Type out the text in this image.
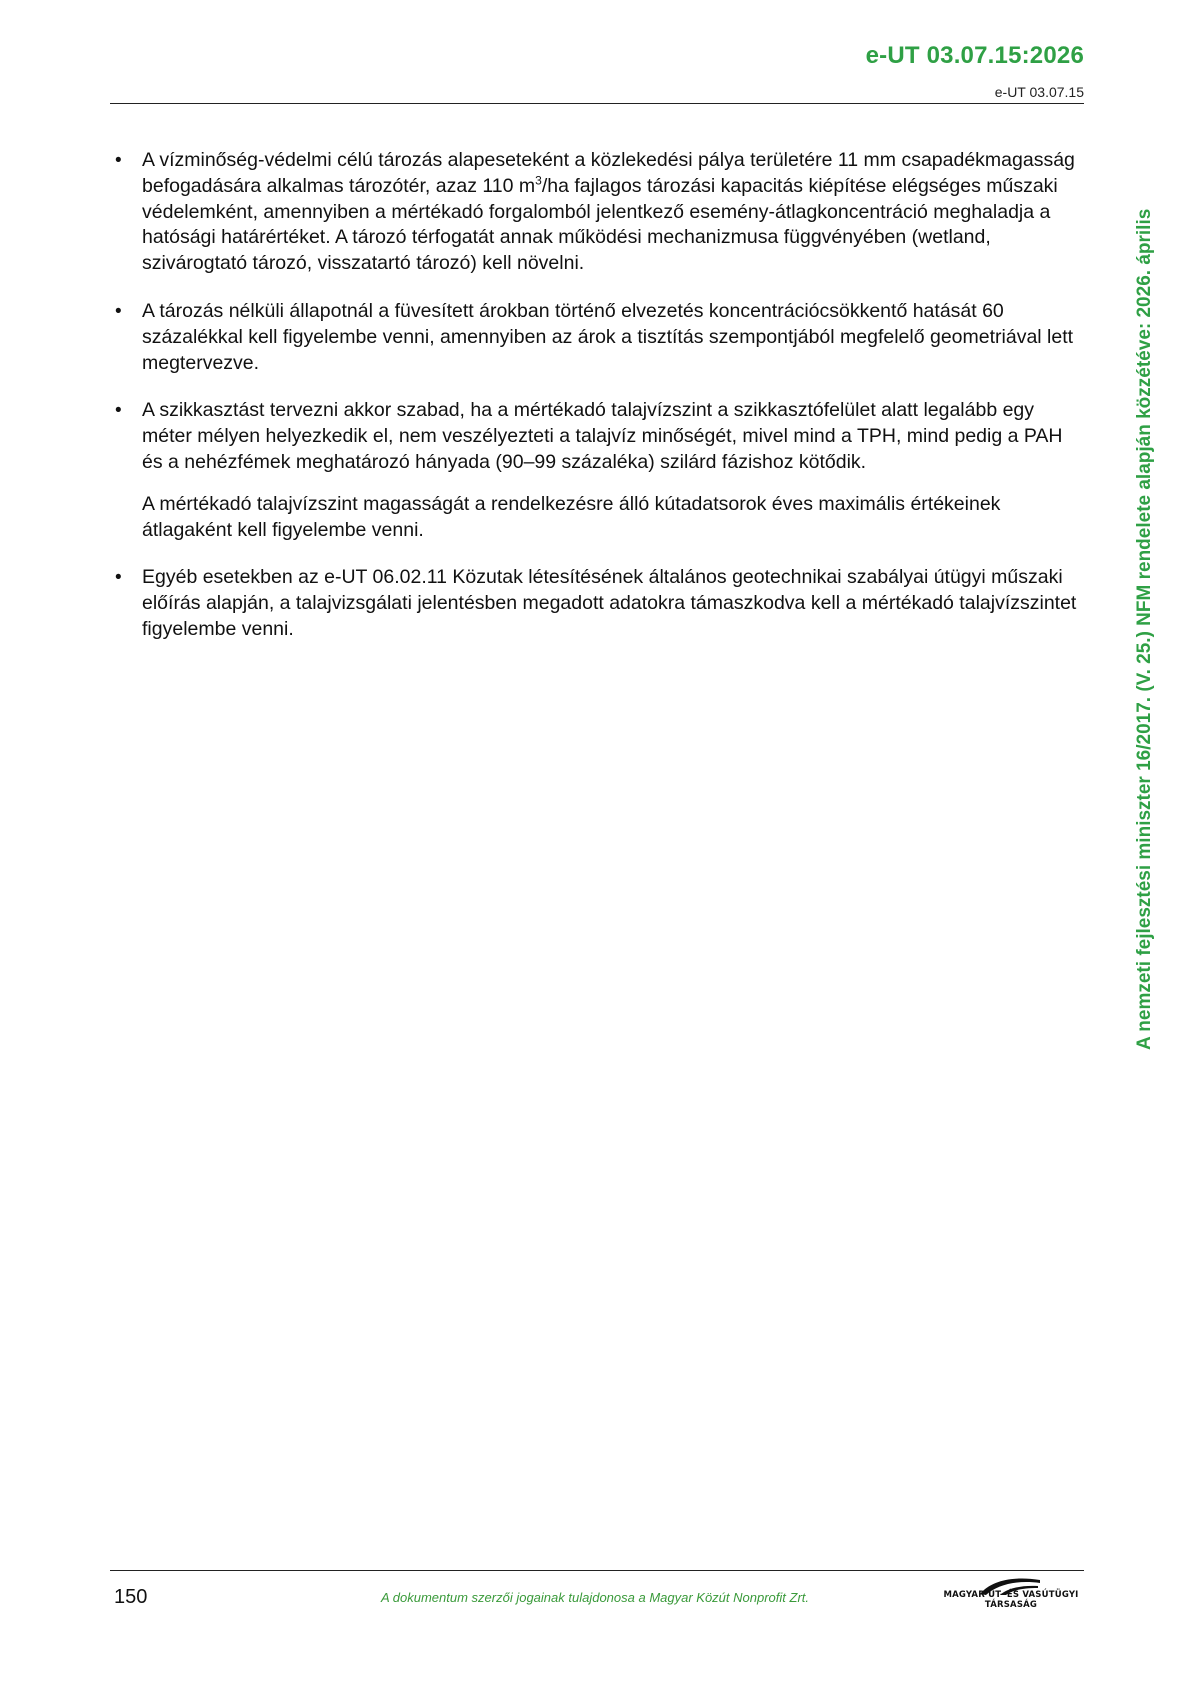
e-UT 03.07.15:2026
e-UT 03.07.15
• A vízminőség-védelmi célú tározás alapeseteként a közlekedési pálya területére 11 mm csapadékmagasság befogadására alkalmas tározótér, azaz 110 $m^3/ha$ fajlagos tározási kapacitás kiépítése elégséges műszaki védelemként, amennyiben a mértékadó forgalomból jelentkező esemény-átlagkoncentráció meghaladja a hatósági határértéket. A tározó térfogatát annak működési mechanizmusa függvényében (wetland, szivárogtató tározó, visszatartó tározó) kell növelni.

• A tározás nélküli állapotnál a füvesített árokban történő elvezetés koncentrációcsökkentő hatását 60 százalékkal kell figyelembe venni, amennyiben az árok a tisztítás szempontjából megfelelő geometriával lett megtervezve.

• A szikkasztást tervezni akkor szabad, ha a mértékadó talajvízszint a szikkasztófelület alatt legalább egy méter mélyen helyezkedik el, nem veszélyezteti a talajvíz minőségét, mivel mind a TPH, mind pedig a PAH és a nehézfémek meghatározó hányada (90–99 százaléka) szilárd fázishoz kötődik.

A mértékadó talajvízszint magasságát a rendelkezésre álló kútadatsorok éves maximális értékeinek átlagaként kell figyelembe venni.

• Egyéb esetekben az e-UT 06.02.11 Közutak létesítésének általános geotechnikai szabályai útügyi műszaki előírás alapján, a talajvizsgálati jelentésben megadott adatokra támaszkodva kell a mértékadó talajvízszintet figyelembe venni.	A nemzeti fejlesztési miniszter 16/2017. (V. 25.) NFM rendelete alapján közzétéve: 2026. április
150	A dokumentum szerzői jogainak tulajdonosa a Magyar Közút Nonprofit Zrt.	MAGYAR ÚT- ÉS VASÚTÜGYI TÁRSASÁG
